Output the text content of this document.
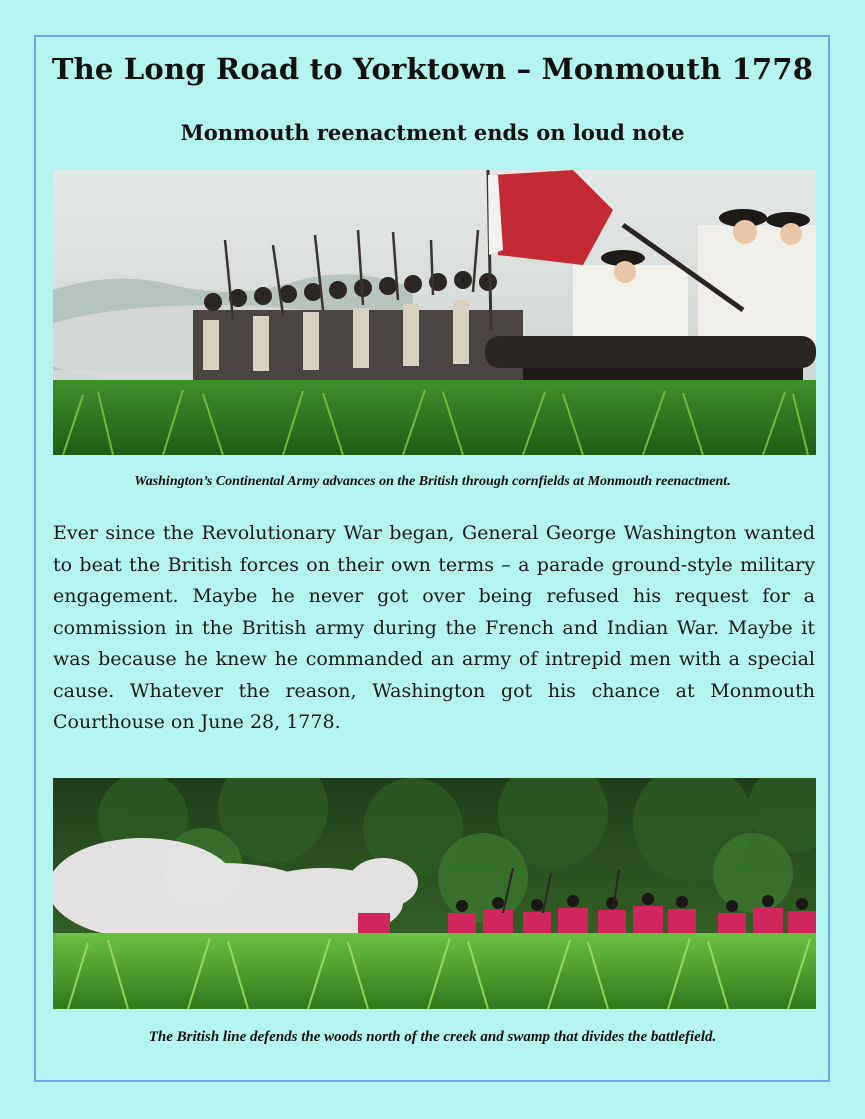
The Long Road to Yorktown – Monmouth 1778
Monmouth reenactment ends on loud note
Washington’s Continental Army advances on the British through cornfields at Monmouth reenactment.
Ever since the Revolutionary War began, General George Washington wanted to beat the British forces on their own terms – a parade ground-style military engagement. Maybe he never got over being refused his request for a commission in the British army during the French and Indian War. Maybe it was because he knew he commanded an army of intrepid men with a special cause. Whatever the reason, Washington got his chance at Monmouth Courthouse on June 28, 1778.
The British line defends the woods north of the creek and swamp that divides the battlefield.
